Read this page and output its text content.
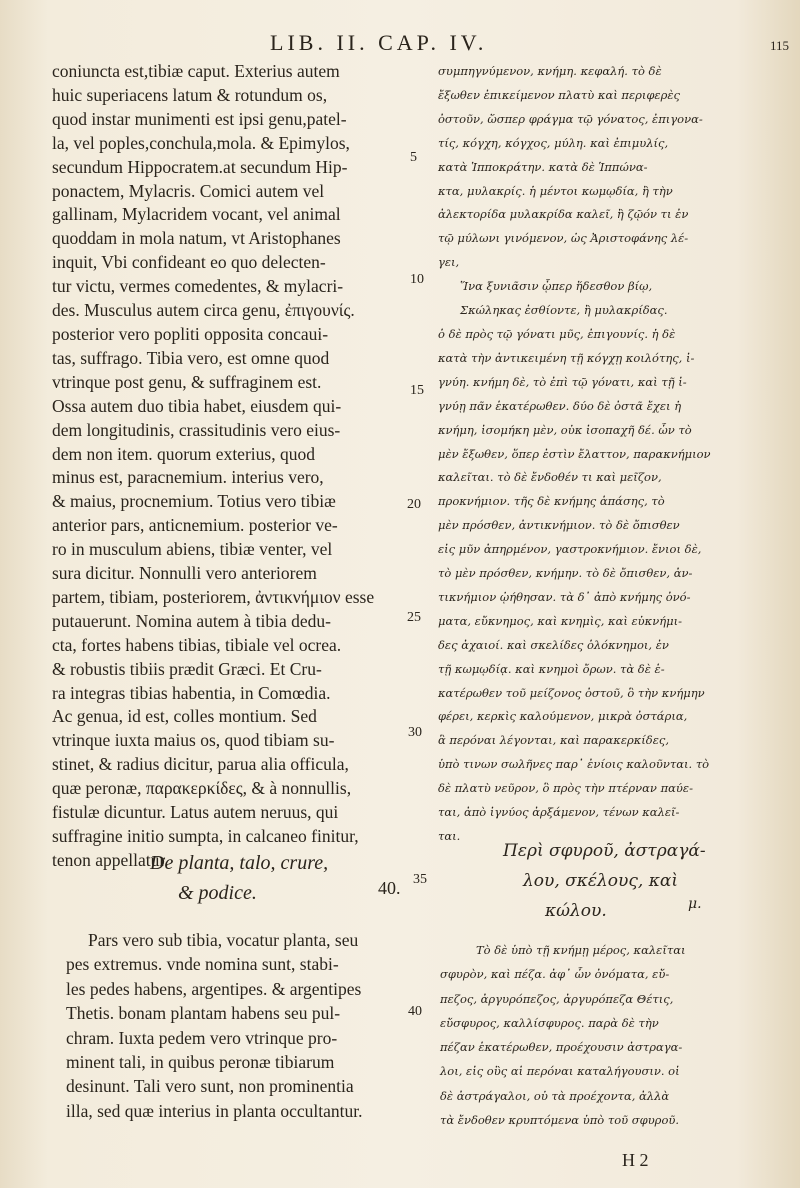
LIB. II. CAP. IV.	115
coniuncta est,tibiæ caput. Exterius autem
huic superiacens latum & rotundum os,
quod instar munimenti est ipsi genu,patel-
la, vel poples,conchula,mola. & Epimylos,
secundum Hippocratem.at secundum Hip-
ponactem, Mylacris. Comici autem vel
gallinam, Mylacridem vocant, vel animal
quoddam in mola natum, vt Aristophanes
inquit, Vbi confideant eo quo delecten-
tur victu, vermes comedentes, & mylacri-
des. Musculus autem circa genu, ἐπιγουνίς.
posterior vero popliti opposita concaui-
tas, suffrago. Tibia vero, est omne quod
vtrinque post genu, & suffraginem est.
Ossa autem duo tibia habet, eiusdem qui-
dem longitudinis, crassitudinis vero eius-
dem non item. quorum exterius, quod
minus est, paracnemium. interius vero,
& maius, procnemium. Totius vero tibiæ
anterior pars, anticnemium. posterior ve-
ro in musculum abiens, tibiæ venter, vel
sura dicitur. Nonnulli vero anteriorem
partem, tibiam, posteriorem, ἀντικνήμιον esse
putauerunt. Nomina autem à tibia dedu-
cta, fortes habens tibias, tibiale vel ocrea.
& robustis tibiis prædit Græci. Et Cru-
ra integras tibias habentia, in Comœdia.
Ac genua, id est, colles montium. Sed
vtrinque iuxta maius os, quod tibiam su-
stinet, & radius dicitur, parua alia officula,
quæ peronæ, παρακερκίδες, & à nonnullis,
fistulæ dicuntur. Latus autem neruus, qui
suffragine initio sumpta, in calcaneo finitur,
tenon appellatur.
συμπηγνύμενον, κνήμη. κεφαλή. τὸ δὲ
ἔξωθεν ἐπικείμενον πλατὺ καὶ περιφερὲς
ὀστοῦν, ὥσπερ φράγμα τῷ γόνατος, ἐπιγονα-
τίς, κόγχη, κόγχος, μύλη. καὶ ἐπιμυλίς,
κατὰ Ἱπποκράτην. κατὰ δὲ Ἱππώνα-
κτα, μυλακρίς. ἡ μέντοι κωμῳδία, ἢ τὴν
ἀλεκτορίδα μυλακρίδα καλεῖ, ἢ ζῷόν τι ἐν
τῷ μύλωνι γινόμενον, ὡς Ἀριστοφάνης λέ-
γει,
Ἵνα ξυνιᾶσιν ᾧπερ ἥδεσθον βίῳ,
Σκώληκας ἐσθίοντε, ἢ μυλακρίδας.
ὁ δὲ πρὸς τῷ γόνατι μῦς, ἐπιγουνίς. ἡ δὲ
κατὰ τὴν ἀντικειμένη τῇ κόγχῃ κοιλότης, ἰ-
γνύη. κνήμη δὲ, τὸ ἐπὶ τῷ γόνατι, καὶ τῇ ἰ-
γνύῃ πᾶν ἑκατέρωθεν. δύο δὲ ὀστᾶ ἔχει ἡ
κνήμη, ἰσομήκη μὲν, οὐκ ἰσοπαχῆ δέ. ὧν τὸ
μὲν ἔξωθεν, ὅπερ ἐστὶν ἔλαττον, παρακνήμιον
καλεῖται. τὸ δὲ ἔνδοθέν τι καὶ μεῖζον,
προκνήμιον. τῆς δὲ κνήμης ἁπάσης, τὸ
μὲν πρόσθεν, ἀντικνήμιον. τὸ δὲ ὄπισθεν
εἰς μῦν ἀπηρμένον, γαστροκνήμιον. ἔνιοι δὲ,
τὸ μὲν πρόσθεν, κνήμην. τὸ δὲ ὄπισθεν, ἀν-
τικνήμιον ᾠήθησαν. τὰ δ᾽ ἀπὸ κνήμης ὀνό-
ματα, εὔκνημος, καὶ κνημὶς, καὶ εὐκνήμι-
δες ἀχαιοί. καὶ σκελίδες ὁλόκνημοι, ἐν
τῇ κωμῳδίᾳ. καὶ κνημοὶ ὄρων. τὰ δὲ ἑ-
κατέρωθεν τοῦ μείζονος ὀστοῦ, ὃ τὴν κνήμην
φέρει, κερκὶς καλούμενον, μικρὰ ὀστάρια,
ἃ περόναι λέγονται, καὶ παρακερκίδες,
ὑπὸ τινων σωλῆνες παρ᾽ ἐνίοις καλοῦνται. τὸ
δὲ πλατὺ νεῦρον, ὃ πρὸς τὴν πτέρναν παύε-
ται, ἀπὸ ἰγνύος ἀρξάμενον, τένων καλεῖ-
ται.
5
10
15
20
25
30
35
40
De planta, talo, crure,
& podice.	40.
Περὶ σφυροῦ, ἀστραγά-
λου, σκέλους, καὶ
κώλου.	μ.
Pars vero sub tibia, vocatur planta, seu
pes extremus. vnde nomina sunt, stabi-
les pedes habens, argentipes. & argentipes
Thetis. bonam plantam habens seu pul-
chram. Iuxta pedem vero vtrinque pro-
minent tali, in quibus peronæ tibiarum
desinunt. Tali vero sunt, non prominentia
illa, sed quæ interius in planta occultantur.
Τὸ δὲ ὑπὸ τῇ κνήμῃ μέρος, καλεῖται
σφυρὸν, καὶ πέζα. ἀφ᾽ ὧν ὀνόματα, εὔ-
πεζος, ἀργυρόπεζος, ἀργυρόπεζα Θέτις,
εὔσφυρος, καλλίσφυρος. παρὰ δὲ τὴν
πέζαν ἑκατέρωθεν, προέχουσιν ἀστραγα-
λοι, εἰς οὓς αἱ περόναι καταλήγουσιν. οἱ
δὲ ἀστράγαλοι, οὐ τὰ προέχοντα, ἀλλὰ
τὰ ἔνδοθεν κρυπτόμενα ὑπὸ τοῦ σφυροῦ.
H 2
